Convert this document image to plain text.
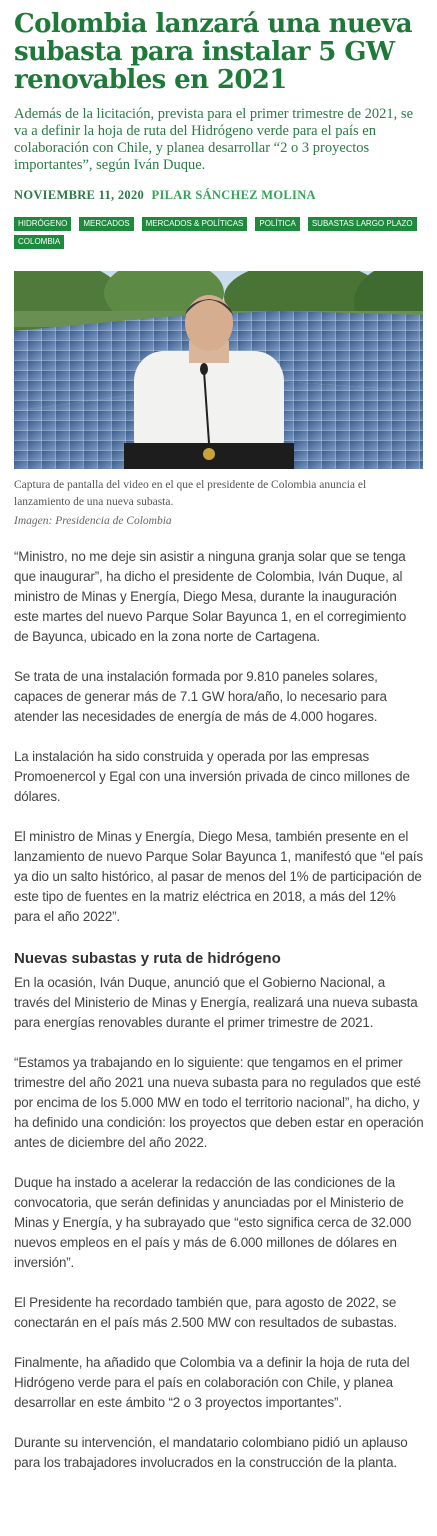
Colombia lanzará una nueva subasta para instalar 5 GW renovables en 2021

Además de la licitación, prevista para el primer trimestre de 2021, se va a definir la hoja de ruta del Hidrógeno verde para el país en colaboración con Chile, y planea desarrollar “2 o 3 proyectos importantes”, según Iván Duque.

NOVIEMBRE 11, 2020 PILAR SÁNCHEZ MOLINA
HIDRÓGENO	MERCADOS	MERCADOS & POLÍTICAS	POLÍTICA	SUBASTAS LARGO PLAZO
COLOMBIA
Captura de pantalla del video en el que el presidente de Colombia anuncia el lanzamiento de una nueva subasta.
Imagen: Presidencia de Colombia

“Ministro, no me deje sin asistir a ninguna granja solar que se tenga que inaugurar”, ha dicho el presidente de Colombia, Iván Duque, al ministro de Minas y Energía, Diego Mesa, durante la inauguración este martes del nuevo Parque Solar Bayunca 1, en el corregimiento de Bayunca, ubicado en la zona norte de Cartagena.

Se trata de una instalación formada por 9.810 paneles solares, capaces de generar más de 7.1 GW hora/año, lo necesario para atender las necesidades de energía de más de 4.000 hogares.

La instalación ha sido construida y operada por las empresas Promoenercol y Egal con una inversión privada de cinco millones de dólares.

El ministro de Minas y Energía, Diego Mesa, también presente en el lanzamiento de nuevo Parque Solar Bayunca 1, manifestó que “el país ya dio un salto histórico, al pasar de menos del 1% de participación de este tipo de fuentes en la matriz eléctrica en 2018, a más del 12% para el año 2022”.

Nuevas subastas y ruta de hidrógeno

En la ocasión, Iván Duque, anunció que el Gobierno Nacional, a través del Ministerio de Minas y Energía, realizará una nueva subasta para energías renovables durante el primer trimestre de 2021.

“Estamos ya trabajando en lo siguiente: que tengamos en el primer trimestre del año 2021 una nueva subasta para no regulados que esté por encima de los 5.000 MW en todo el territorio nacional”, ha dicho, y ha definido una condición: los proyectos que deben estar en operación antes de diciembre del año 2022.

Duque ha instado a acelerar la redacción de las condiciones de la convocatoria, que serán definidas y anunciadas por el Ministerio de Minas y Energía, y ha subrayado que “esto significa cerca de 32.000 nuevos empleos en el país y más de 6.000 millones de dólares en inversión”.

El Presidente ha recordado también que, para agosto de 2022, se conectarán en el país más 2.500 MW con resultados de subastas.

Finalmente, ha añadido que Colombia va a definir la hoja de ruta del Hidrógeno verde para el país en colaboración con Chile, y planea desarrollar en este ámbito “2 o 3 proyectos importantes”.

Durante su intervención, el mandatario colombiano pidió un aplauso para los trabajadores involucrados en la construcción de la planta.
